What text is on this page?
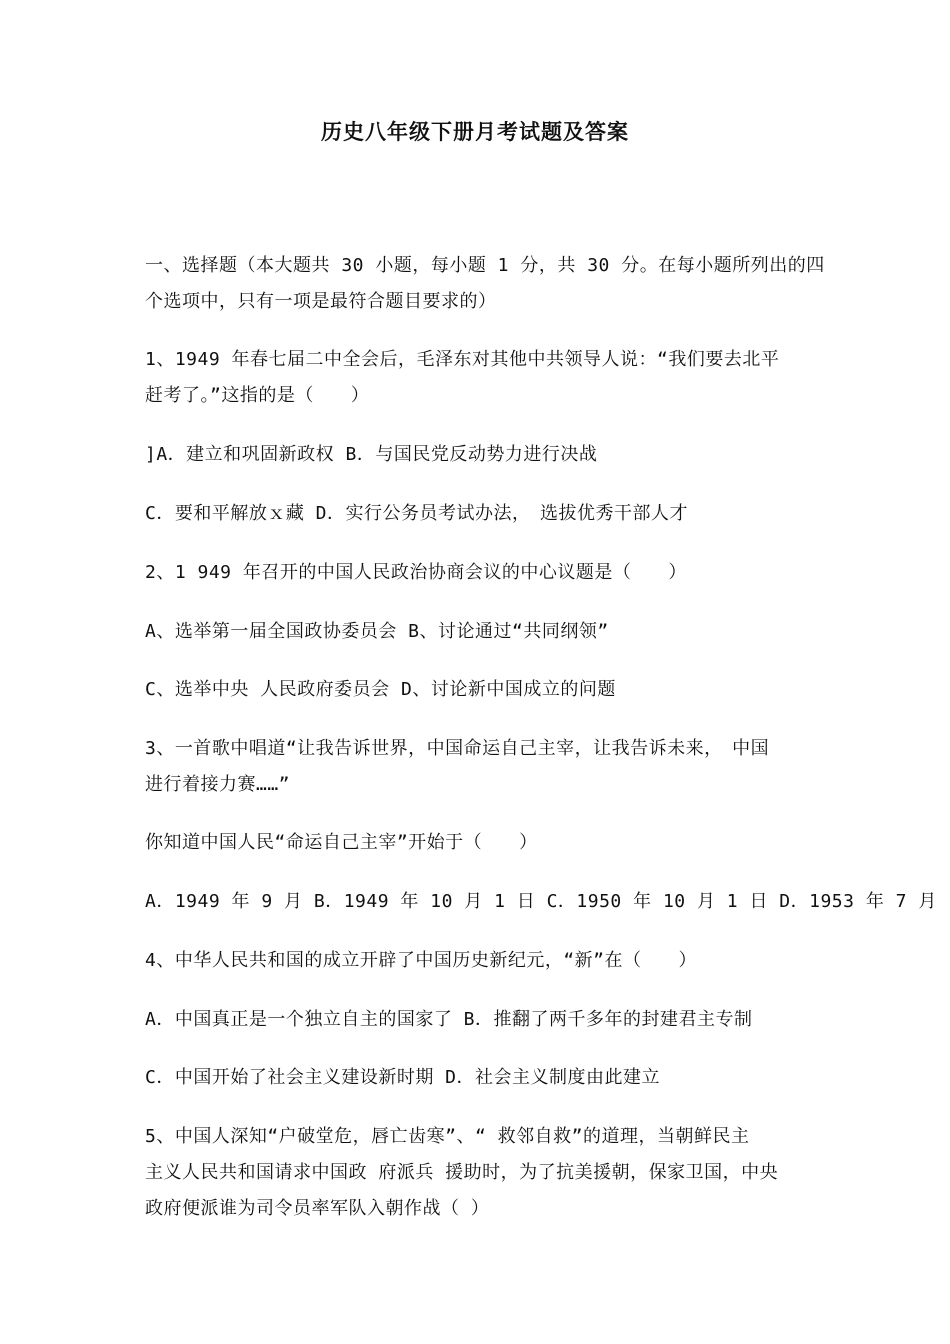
历史八年级下册月考试题及答案
一、选择题（本大题共 30 小题，每小题 1 分，共 30 分。在每小题所列出的四
个选项中，只有一项是最符合题目要求的）
1、1949 年春七届二中全会后，毛泽东对其他中共领导人说：“我们要去北平
赶考了。”这指的是（　　）
]A．建立和巩固新政权 B．与国民党反动势力进行决战
C．要和平解放ｘ藏 D．实行公务员考试办法，　选拔优秀干部人才
2、1 949 年召开的中国人民政治协商会议的中心议题是（　　）
A、选举第一届全国政协委员会 B、讨论通过“共同纲领”
C、选举中央 人民政府委员会 D、讨论新中国成立的问题
3、一首歌中唱道“让我告诉世界，中国命运自己主宰，让我告诉未来，　中国
进行着接力赛……”
你知道中国人民“命运自己主宰”开始于（　　）
A．1949 年 9 月 B．1949 年 10 月 1 日 C．1950 年 10 月 1 日 D．1953 年 7 月
4、中华人民共和国的成立开辟了中国历史新纪元，“新”在（　　）
A．中国真正是一个独立自主的国家了 B．推翻了两千多年的封建君主专制
C．中国开始了社会主义建设新时期 D．社会主义制度由此建立
5、中国人深知“户破堂危，唇亡齿寒”、“ 救邻自救”的道理，当朝鲜民主
主义人民共和国请求中国政 府派兵 援助时，为了抗美援朝，保家卫国，中央
政府便派谁为司令员率军队入朝作战（ ）
